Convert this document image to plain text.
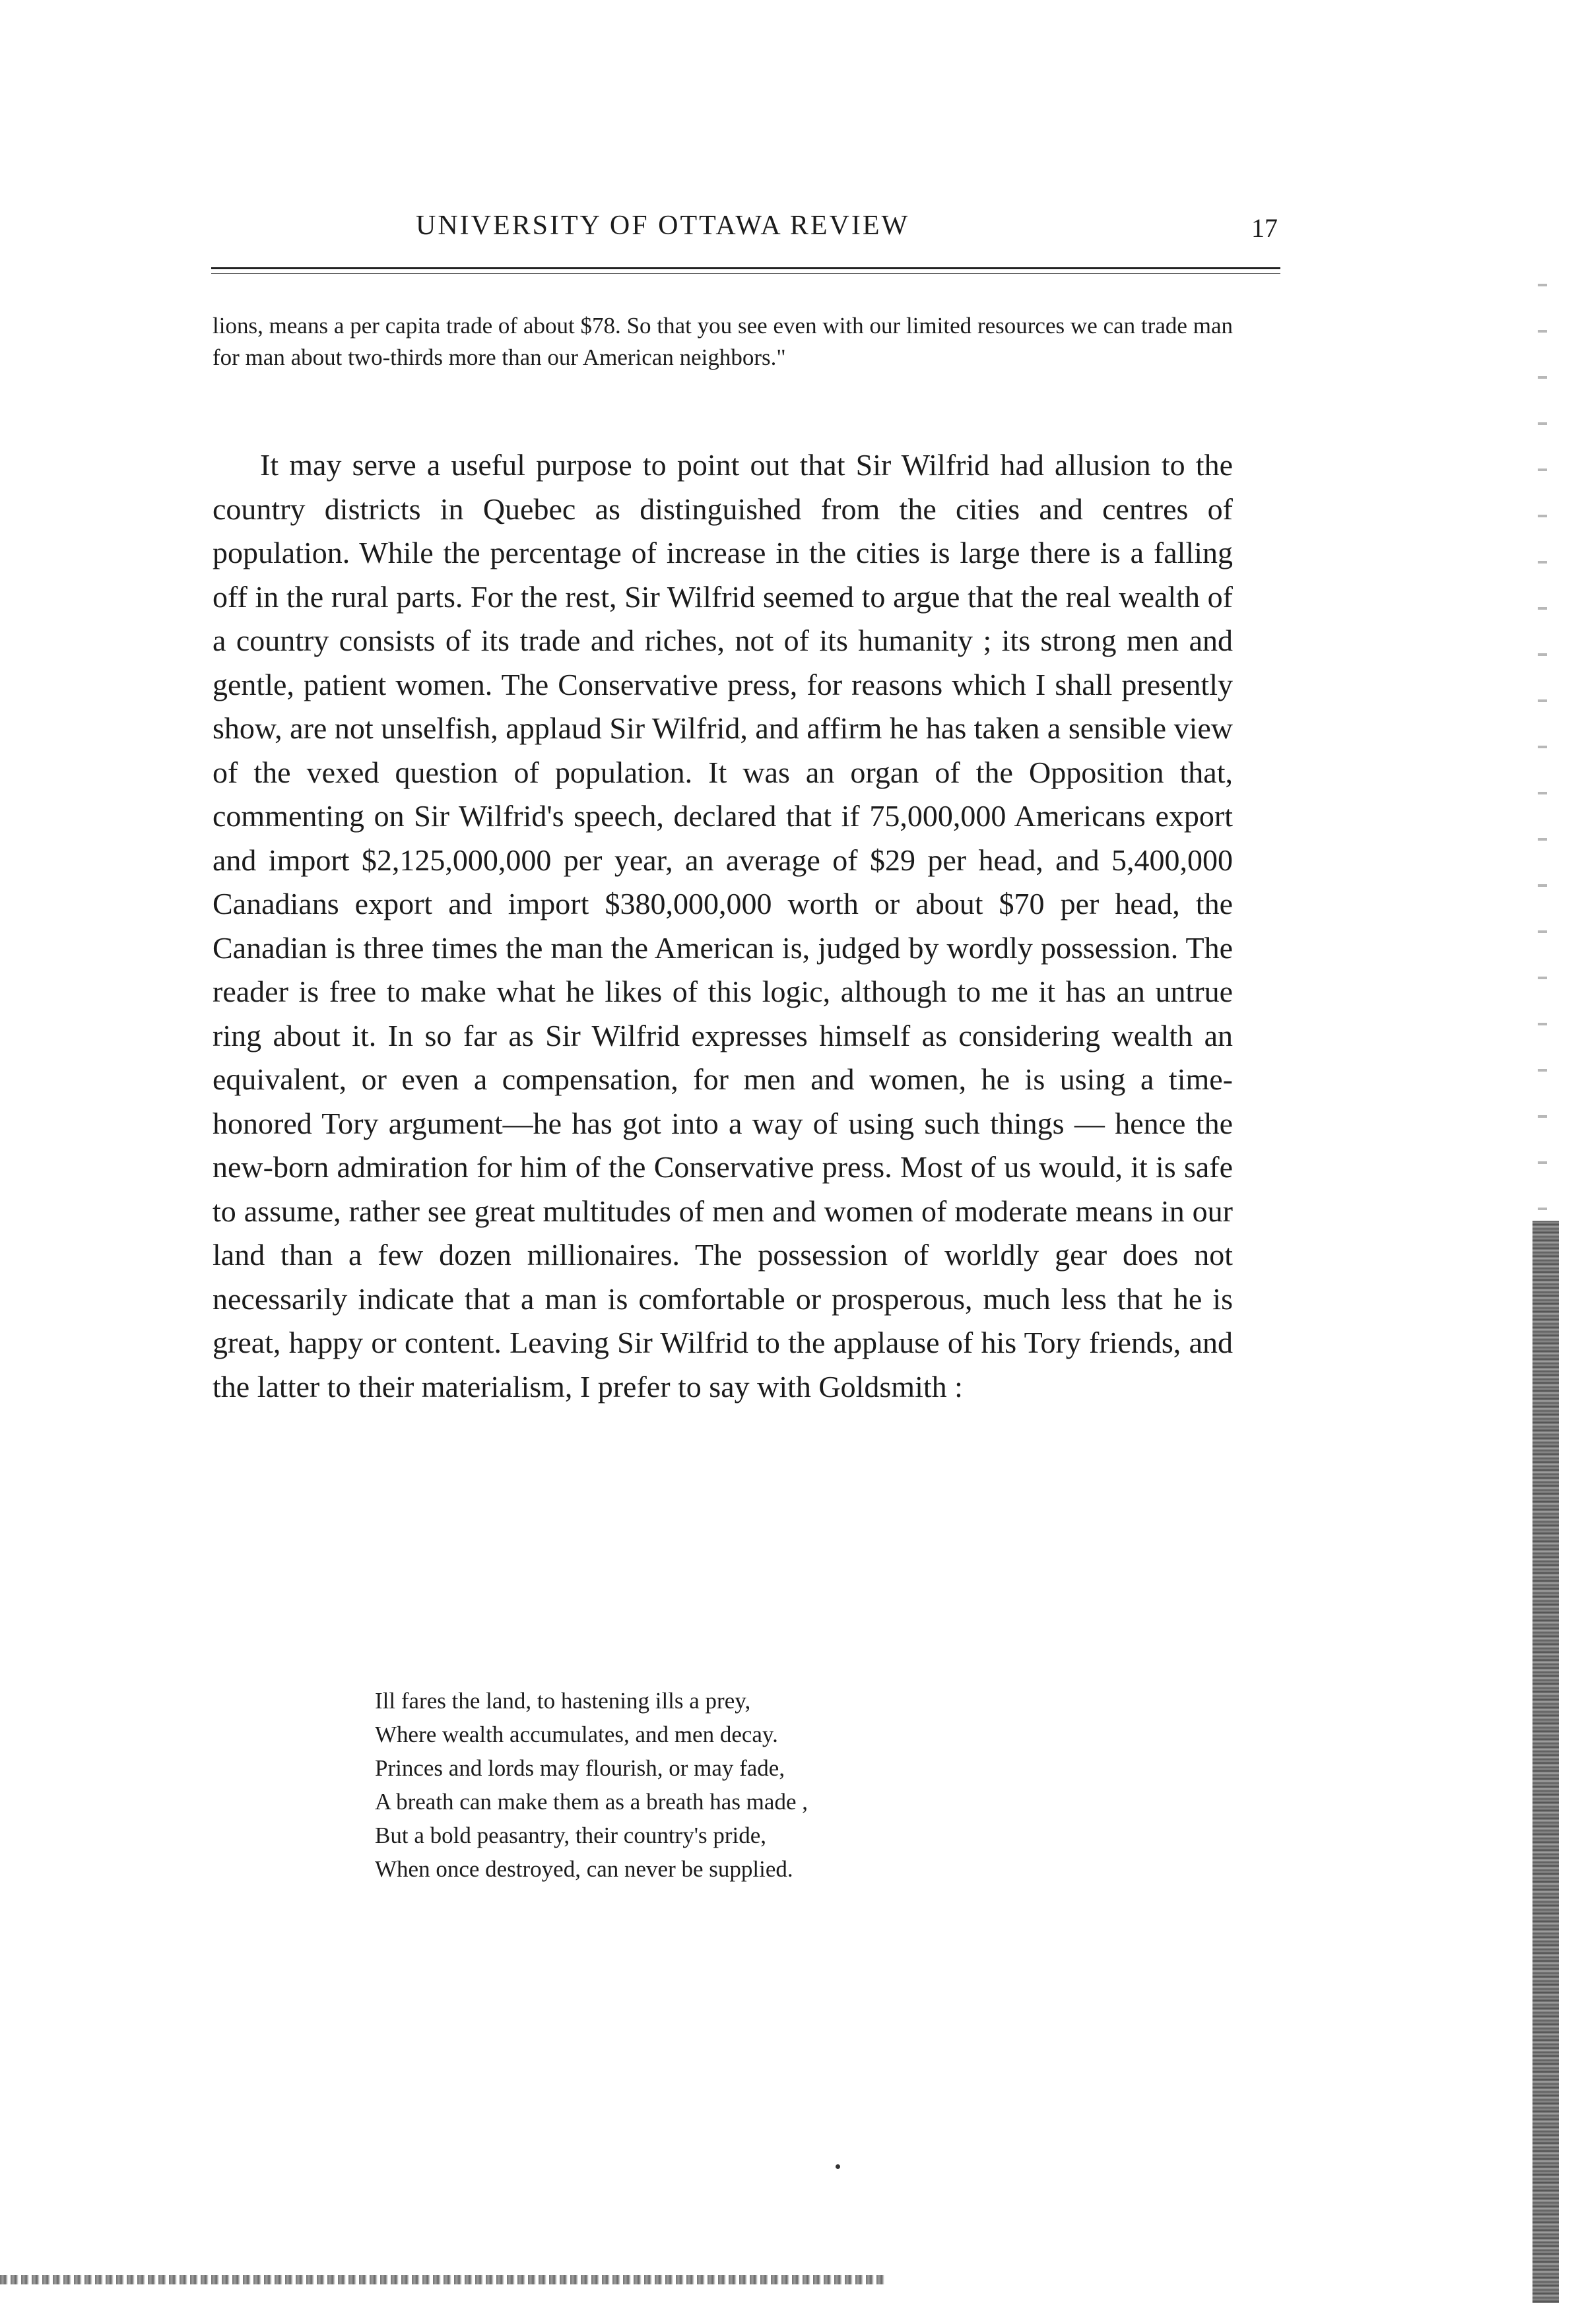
UNIVERSITY OF OTTAWA REVIEW	17

lions, means a per capita trade of about $78. So that you see even with our limited resources we can trade man for man about two-thirds more than our American neighbors."

It may serve a useful purpose to point out that Sir Wilfrid had allusion to the country districts in Quebec as distinguished from the cities and centres of population. While the percentage of increase in the cities is large there is a falling off in the rural parts. For the rest, Sir Wilfrid seemed to argue that the real wealth of a country consists of its trade and riches, not of its humanity ; its strong men and gentle, patient women. The Conservative press, for reasons which I shall presently show, are not unselfish, applaud Sir Wilfrid, and affirm he has taken a sensible view of the vexed question of population. It was an organ of the Opposition that, commenting on Sir Wilfrid's speech, declared that if 75,000,000 Americans export and import $2,125,000,000 per year, an average of $29 per head, and 5,400,000 Canadians export and import $380,000,000 worth or about $70 per head, the Canadian is three times the man the American is, judged by wordly possession. The reader is free to make what he likes of this logic, although to me it has an untrue ring about it. In so far as Sir Wilfrid expresses himself as considering wealth an equivalent, or even a compensation, for men and women, he is using a time-honored Tory argument—he has got into a way of using such things — hence the new-born admiration for him of the Conservative press. Most of us would, it is safe to assume, rather see great multitudes of men and women of moderate means in our land than a few dozen millionaires. The possession of worldly gear does not necessarily indicate that a man is comfortable or prosperous, much less that he is great, happy or content. Leaving Sir Wilfrid to the applause of his Tory friends, and the latter to their materialism, I prefer to say with Goldsmith :

Ill fares the land, to hastening ills a prey,
Where wealth accumulates, and men decay.
Princes and lords may flourish, or may fade,
A breath can make them as a breath has made ,
But a bold peasantry, their country's pride,
When once destroyed, can never be supplied.
